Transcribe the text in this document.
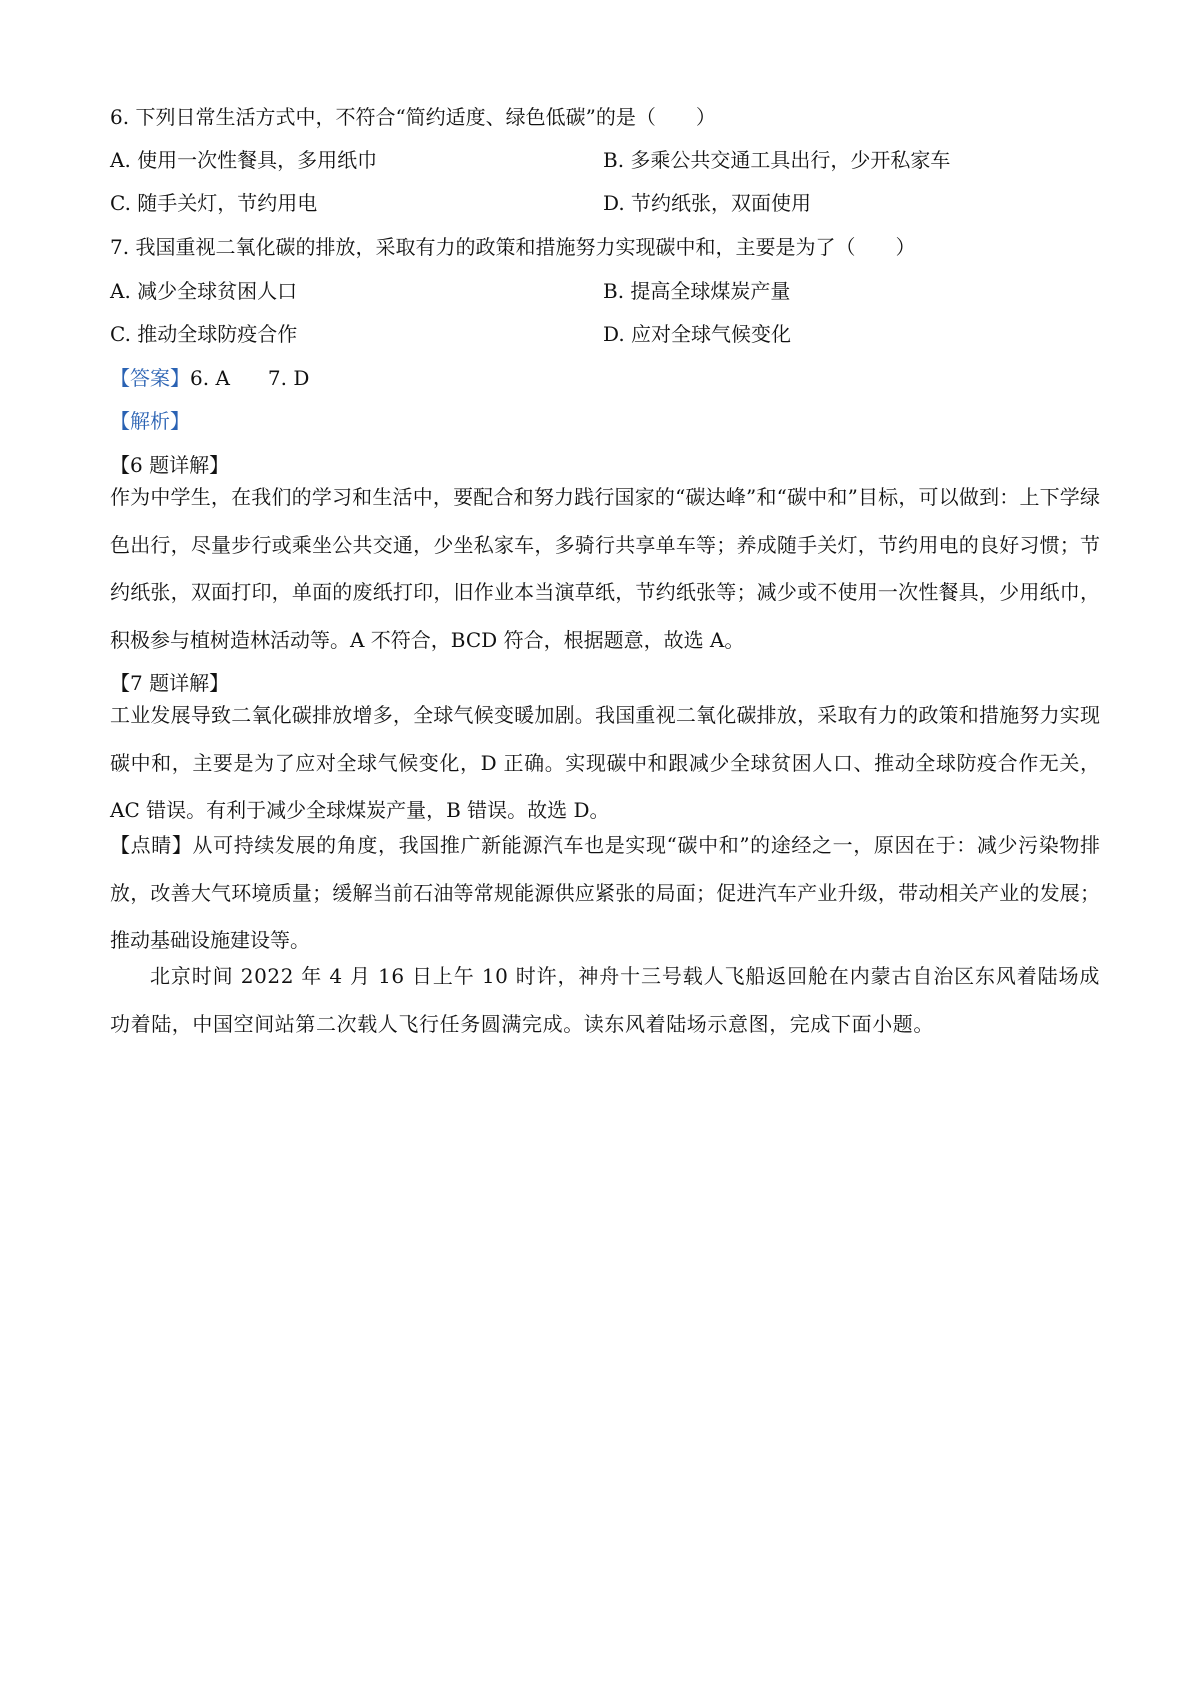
6. 下列日常生活方式中，不符合“简约适度、绿色低碳”的是（　　）
A. 使用一次性餐具，多用纸巾	B. 多乘公共交通工具出行，少开私家车
C. 随手关灯，节约用电	D. 节约纸张，双面使用
7. 我国重视二氧化碳的排放，采取有力的政策和措施努力实现碳中和，主要是为了（　　）
A. 减少全球贫困人口	B. 提高全球煤炭产量
C. 推动全球防疫合作	D. 应对全球气候变化
【答案】6. A 7. D
【解析】
【6 题详解】
作为中学生，在我们的学习和生活中，要配合和努力践行国家的“碳达峰”和“碳中和”目标，可以做到：上下学绿色出行，尽量步行或乘坐公共交通，少坐私家车，多骑行共享单车等；养成随手关灯，节约用电的良好习惯；节约纸张，双面打印，单面的废纸打印，旧作业本当演草纸，节约纸张等；减少或不使用一次性餐具，少用纸巾，积极参与植树造林活动等。A 不符合，BCD 符合，根据题意，故选 A。
【7 题详解】
工业发展导致二氧化碳排放增多，全球气候变暖加剧。我国重视二氧化碳排放，采取有力的政策和措施努力实现碳中和，主要是为了应对全球气候变化，D 正确。实现碳中和跟减少全球贫困人口、推动全球防疫合作无关，AC 错误。有利于减少全球煤炭产量，B 错误。故选 D。
【点睛】从可持续发展的角度，我国推广新能源汽车也是实现“碳中和”的途经之一，原因在于：减少污染物排放，改善大气环境质量；缓解当前石油等常规能源供应紧张的局面；促进汽车产业升级，带动相关产业的发展；推动基础设施建设等。
北京时间 2022 年 4 月 16 日上午 10 时许，神舟十三号载人飞船返回舱在内蒙古自治区东风着陆场成功着陆，中国空间站第二次载人飞行任务圆满完成。读东风着陆场示意图，完成下面小题。
